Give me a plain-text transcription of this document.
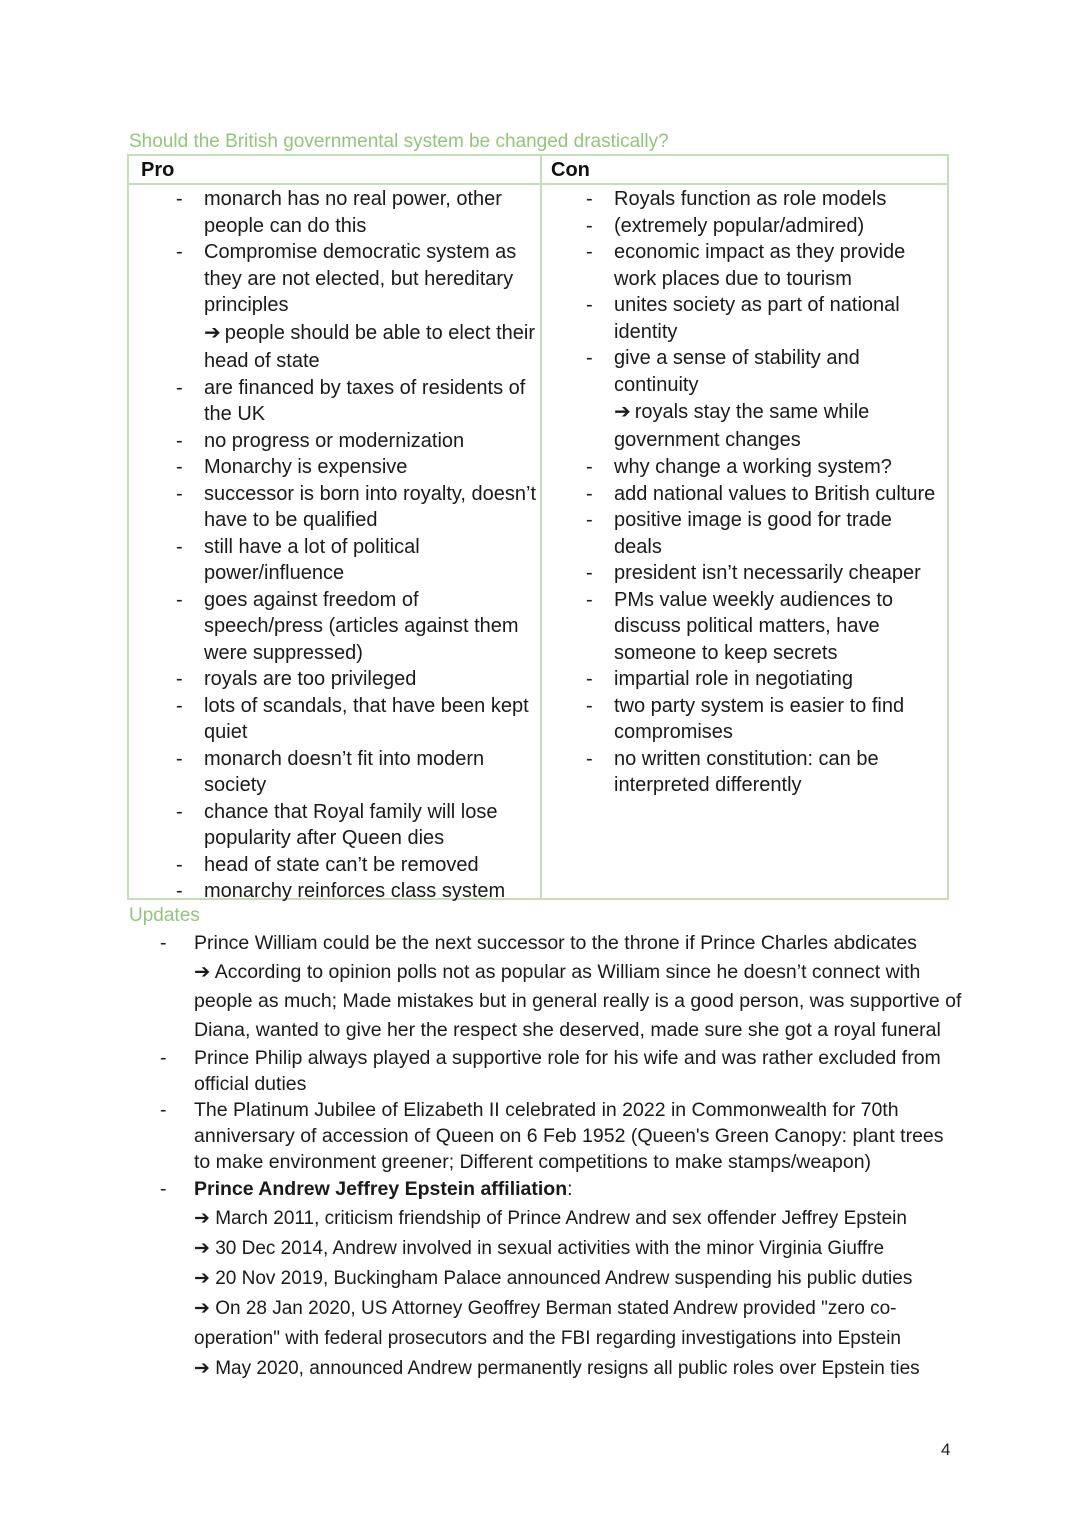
Should the British governmental system be changed drastically?
Pro	Con
- monarch has no real power, other people can do this
- Compromise democratic system as they are not elected, but hereditary principles
➔ people should be able to elect their head of state
- are financed by taxes of residents of the UK
- no progress or modernization
- Monarchy is expensive
- successor is born into royalty, doesn’t have to be qualified
- still have a lot of political power/influence
- goes against freedom of speech/press (articles against them were suppressed)
- royals are too privileged
- lots of scandals, that have been kept quiet
- monarch doesn’t fit into modern society
- chance that Royal family will lose popularity after Queen dies
- head of state can’t be removed
- monarchy reinforces class system
- Royals function as role models
- (extremely popular/admired)
- economic impact as they provide work places due to tourism
- unites society as part of national identity
- give a sense of stability and continuity
➔ royals stay the same while government changes
- why change a working system?
- add national values to British culture
- positive image is good for trade deals
- president isn’t necessarily cheaper
- PMs value weekly audiences to discuss political matters, have someone to keep secrets
- impartial role in negotiating
- two party system is easier to find compromises
- no written constitution: can be interpreted differently
Updates
- Prince William could be the next successor to the throne if Prince Charles abdicates
➔ According to opinion polls not as popular as William since he doesn’t connect with people as much; Made mistakes but in general really is a good person, was supportive of Diana, wanted to give her the respect she deserved, made sure she got a royal funeral
- Prince Philip always played a supportive role for his wife and was rather excluded from official duties
- The Platinum Jubilee of Elizabeth II celebrated in 2022 in Commonwealth for 70th anniversary of accession of Queen on 6 Feb 1952 (Queen's Green Canopy: plant trees to make environment greener; Different competitions to make stamps/weapon)
- Prince Andrew Jeffrey Epstein affiliation:
➔ March 2011, criticism friendship of Prince Andrew and sex offender Jeffrey Epstein
➔ 30 Dec 2014, Andrew involved in sexual activities with the minor Virginia Giuffre
➔ 20 Nov 2019, Buckingham Palace announced Andrew suspending his public duties
➔ On 28 Jan 2020, US Attorney Geoffrey Berman stated Andrew provided "zero co-operation" with federal prosecutors and the FBI regarding investigations into Epstein
➔ May 2020, announced Andrew permanently resigns all public roles over Epstein ties
4
